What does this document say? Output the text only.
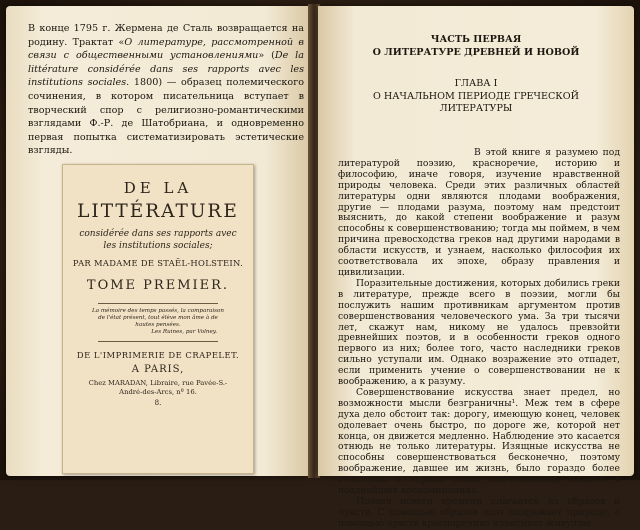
В конце 1795 г. Жермена де Сталь возвращается на родину. Трактат «О литературе, рассмотренной в связи с общественными установлениями» (De la littérature considérée dans ses rapports avec les institutions sociales. 1800) — образец полемического сочинения, в котором писательница вступает в творческий спор с религиозно-романтическими взглядами Ф.-Р. де Шатобриана, и одновременно первая попытка систематизировать эстетические взгляды.
DE LA
LITTÉRATURE
considérée dans ses rapports avec les institutions sociales;
PAR MADAME DE STAËL-HOLSTEIN.
TOME PREMIER.
La mémoire des temps passés, la comparaison de l'état présent, tout élève mon âme à de hautes pensées.
Les Ruines, par Volney.
DE L'IMPRIMERIE DE CRAPELET.
A PARIS,
Chez MARADAN, Libraire, rue Pavée-S.-André-des-Arcs, nº 16.
8.
ЧАСТЬ ПЕРВАЯ
О ЛИТЕРАТУРЕ ДРЕВНЕЙ И НОВОЙ
ГЛАВА I
О НАЧАЛЬНОМ ПЕРИОДЕ ГРЕЧЕСКОЙ
ЛИТЕРАТУРЫ

В этой книге я разумею под литературой поэзию, красноречие, историю и философию, иначе говоря, изучение нравственной природы человека. Среди этих различных областей литературы одни являются плодами воображения, другие — плодами разума, поэтому нам предстоит выяснить, до какой степени воображение и разум способны к совершенствованию; тогда мы поймем, в чем причина превосходства греков над другими народами в области искусств, и узнаем, насколько философия их соответствовала их эпохе, образу правления и цивилизации.

Поразительные достижения, которых добились греки в литературе, прежде всего в поэзии, могли бы послужить нашим противникам аргументом против совершенствования человеческого ума. За три тысячи лет, скажут нам, никому не удалось превзойти древнейших поэтов, и в особенности греков одного первого из них; более того, часто наследники греков сильно уступали им. Однако возражение это отпадет, если применить учение о совершенствовании не к воображению, а к разуму.

Совершенствование искусства знает предел, но возможности мысли безграничны¹. Меж тем в сфере духа дело обстоит так: дорогу, имеющую конец, человек одолевает очень быстро, по дороге же, которой нет конца, он движется медленно. Наблюдение это касается отнюдь не только литературы. Изящные искусства не способны совершенствоваться бесконечно, поэтому воображение, давшее им жизнь, было гораздо более счастливо в первых своих впечатлениях, нежели в позднейших воспоминаниях.

Поэзия нового времени слагается из образов и чувств. С помощью образов поэт подражает природе, с помощью чувств красноречиво изъясняет живущие
